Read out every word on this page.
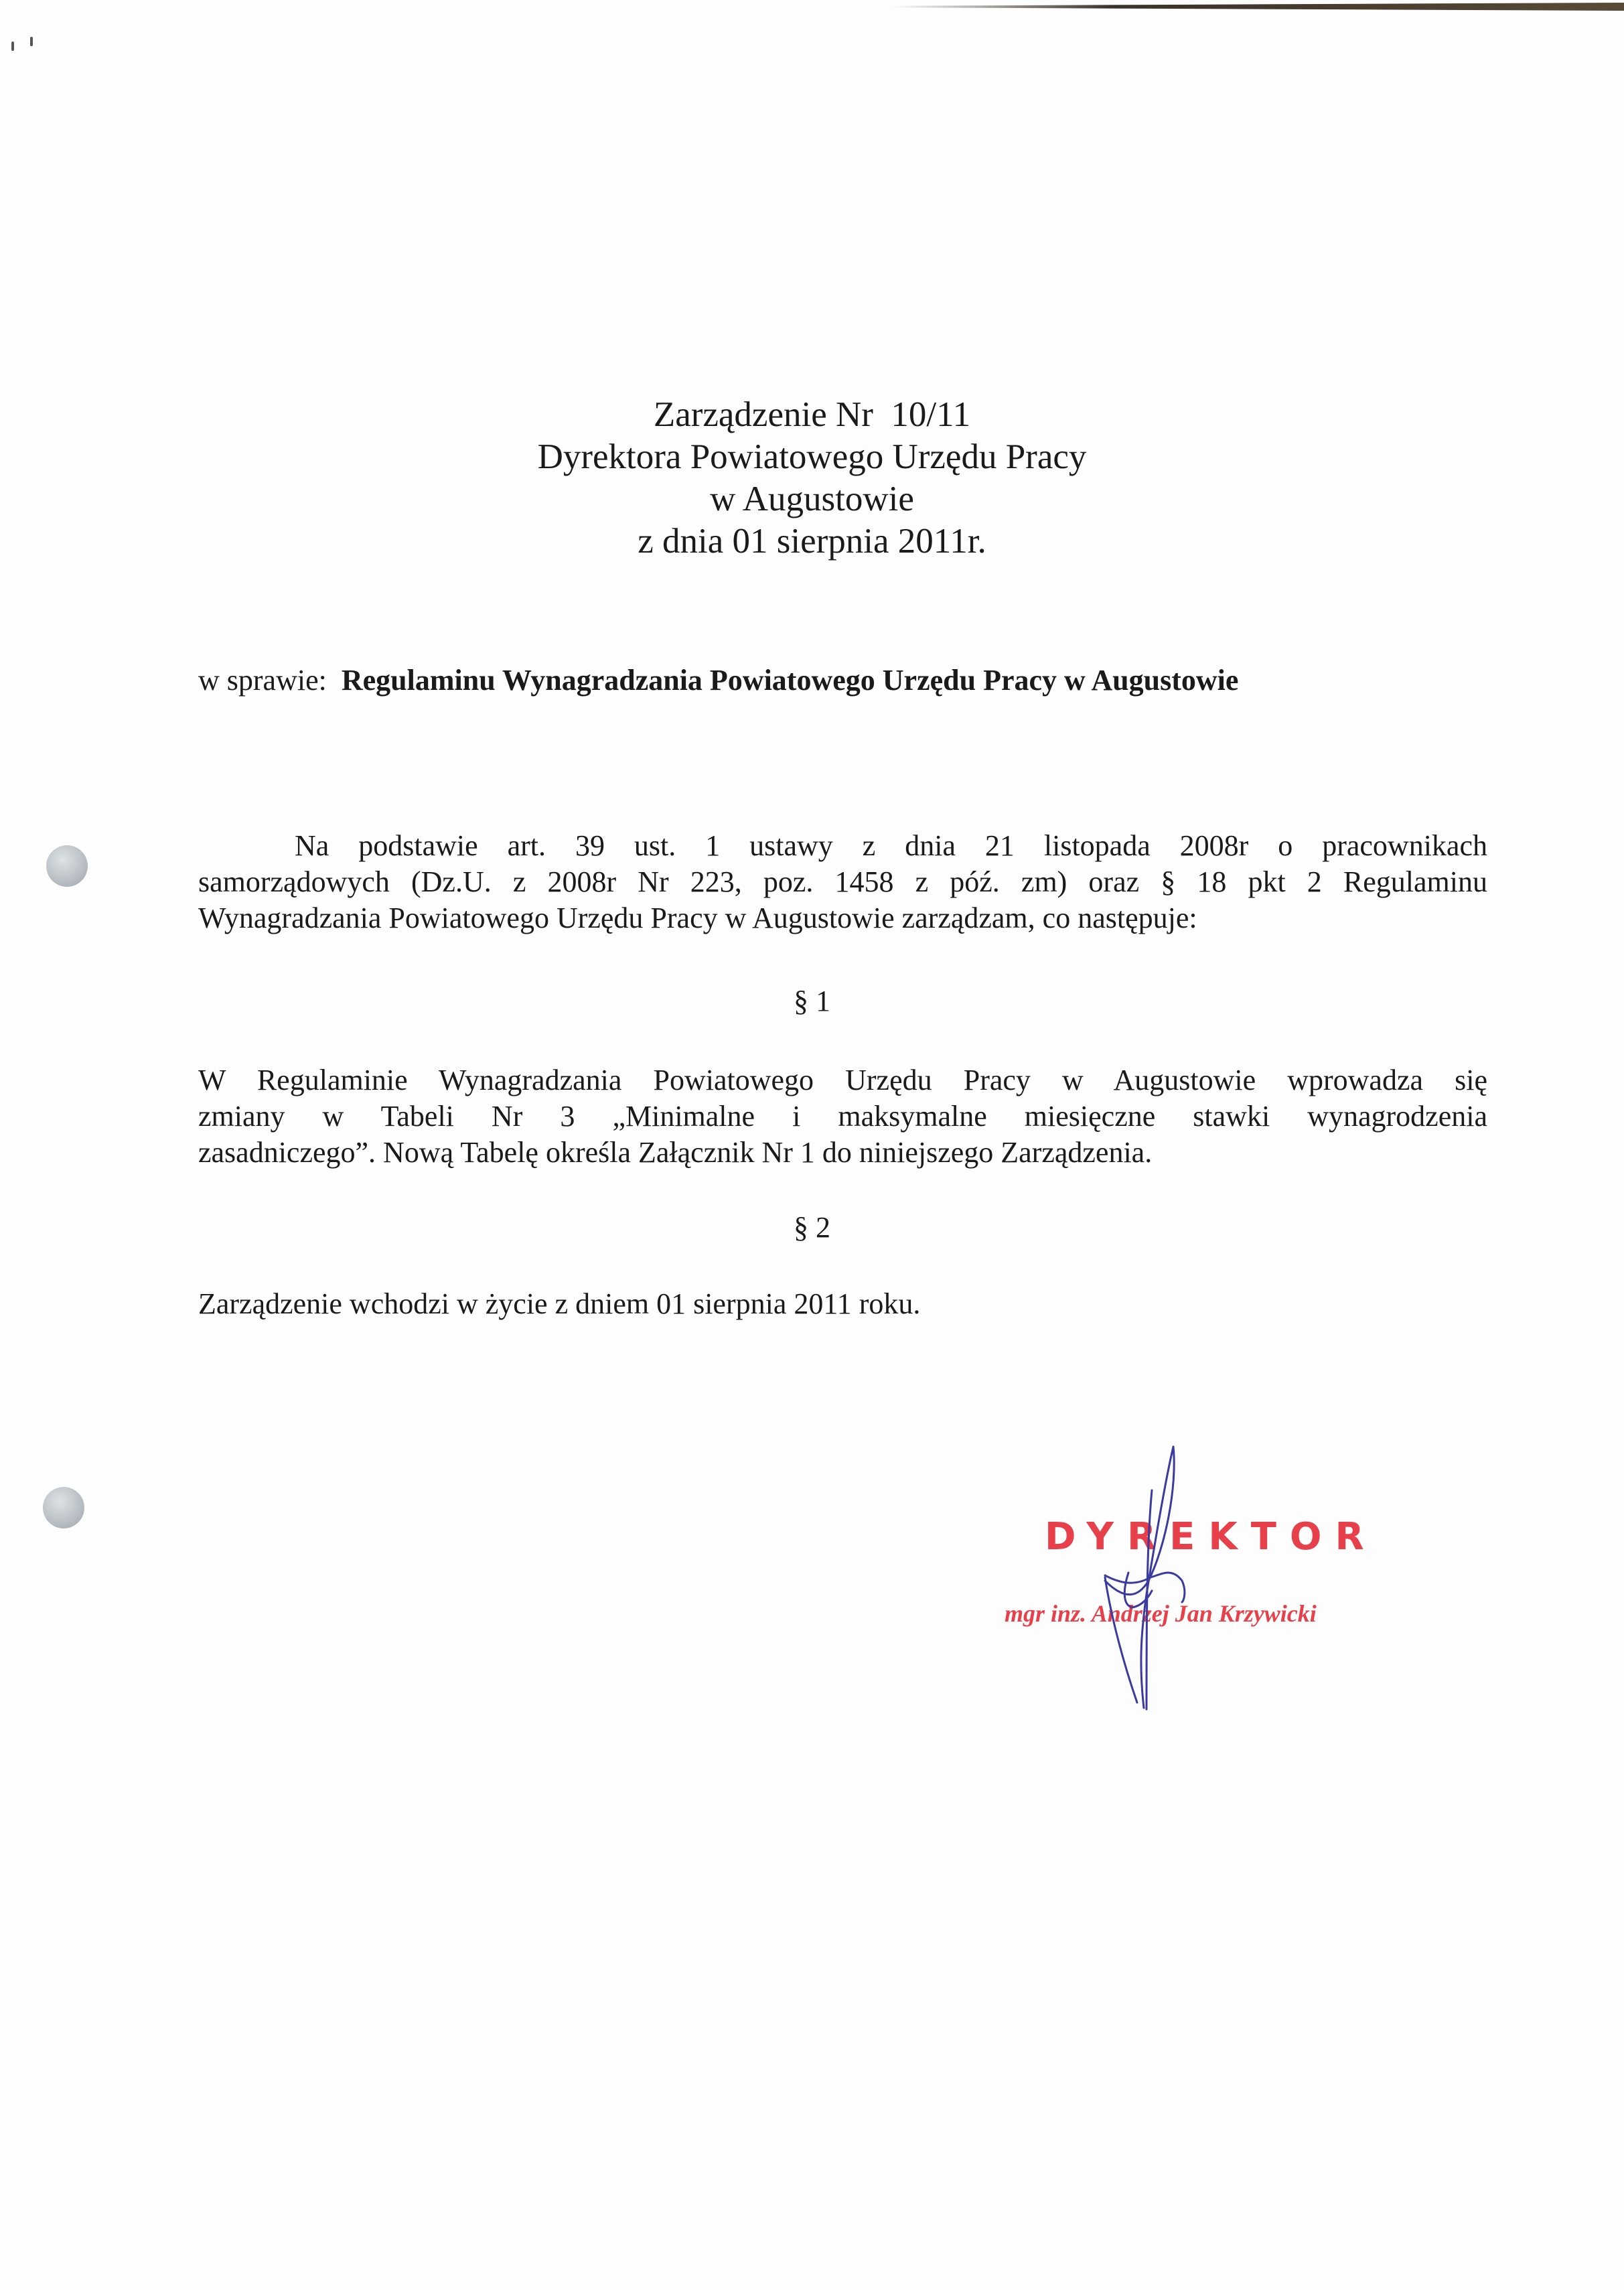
Zarządzenie Nr  10/11
Dyrektora Powiatowego Urzędu Pracy
w Augustowie
z dnia 01 sierpnia 2011r.
w sprawie: Regulaminu Wynagradzania Powiatowego Urzędu Pracy w Augustowie
Na podstawie art. 39 ust. 1 ustawy z dnia 21 listopada 2008r o pracownikach
samorządowych (Dz.U. z 2008r Nr 223, poz. 1458 z póź. zm) oraz § 18 pkt 2 Regulaminu
Wynagradzania Powiatowego Urzędu Pracy w Augustowie zarządzam, co następuje:
§ 1
W Regulaminie Wynagradzania Powiatowego Urzędu Pracy w Augustowie wprowadza się
zmiany w Tabeli Nr 3 „Minimalne i maksymalne miesięczne stawki wynagrodzenia
zasadniczego”. Nową Tabelę określa Załącznik Nr 1 do niniejszego Zarządzenia.
§ 2
Zarządzenie wchodzi w życie z dniem 01 sierpnia 2011 roku.
DYREKTOR
mgr inz. Andrzej Jan Krzywicki
